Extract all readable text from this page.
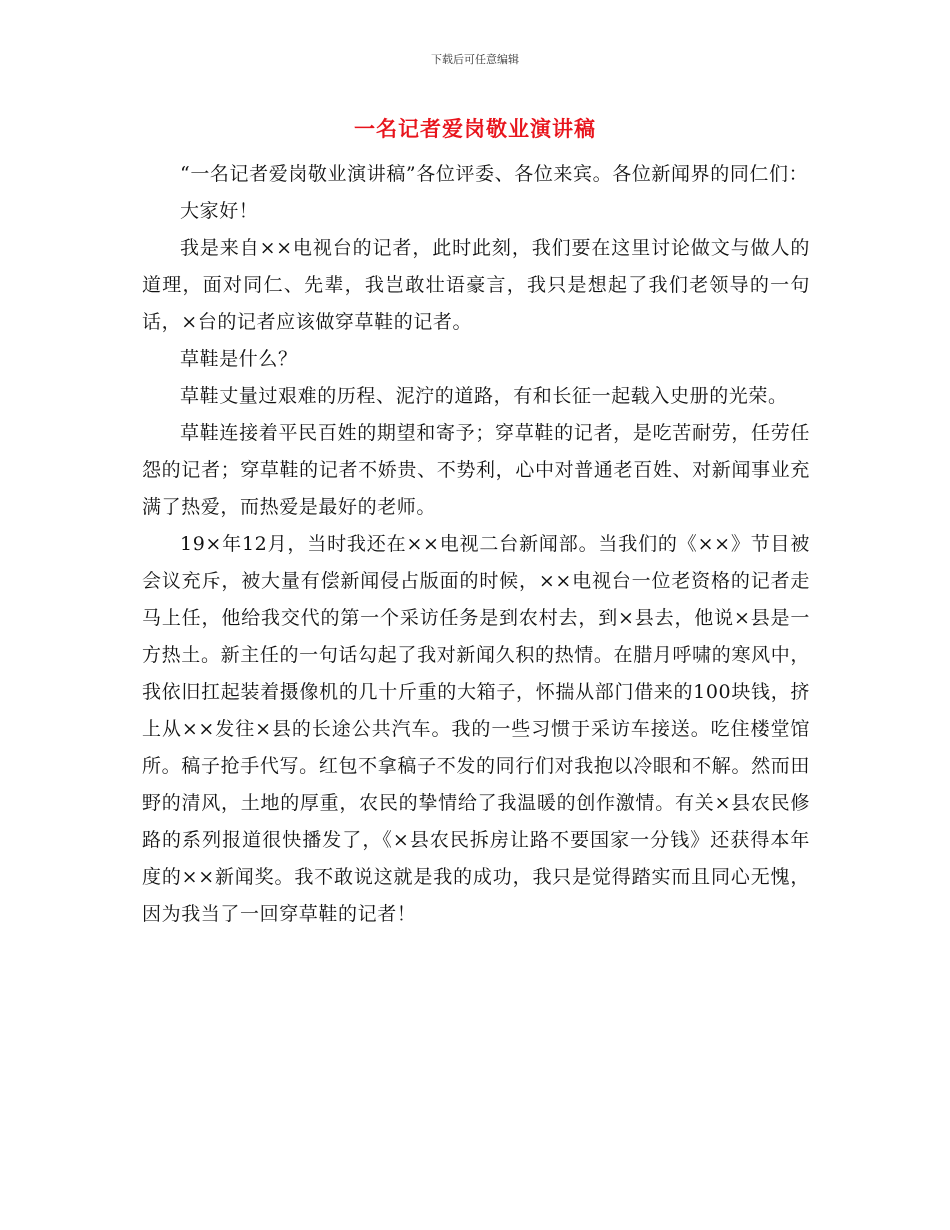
下载后可任意编辑
一名记者爱岗敬业演讲稿

“一名记者爱岗敬业演讲稿”各位评委、各位来宾。各位新闻界的同仁们：

大家好！

我是来自××电视台的记者，此时此刻，我们要在这里讨论做文与做人的道理，面对同仁、先辈，我岂敢壮语豪言，我只是想起了我们老领导的一句话，×台的记者应该做穿草鞋的记者。

草鞋是什么？

草鞋丈量过艰难的历程、泥泞的道路，有和长征一起载入史册的光荣。

草鞋连接着平民百姓的期望和寄予；穿草鞋的记者，是吃苦耐劳，任劳任怨的记者；穿草鞋的记者不娇贵、不势利，心中对普通老百姓、对新闻事业充满了热爱，而热爱是最好的老师。

19×年12月，当时我还在××电视二台新闻部。当我们的《××》节目被会议充斥，被大量有偿新闻侵占版面的时候，××电视台一位老资格的记者走马上任，他给我交代的第一个采访任务是到农村去，到×县去，他说×县是一方热土。新主任的一句话勾起了我对新闻久积的热情。在腊月呼啸的寒风中，我依旧扛起装着摄像机的几十斤重的大箱子，怀揣从部门借来的100块钱，挤上从××发往×县的长途公共汽车。我的一些习惯于采访车接送。吃住楼堂馆所。稿子抢手代写。红包不拿稿子不发的同行们对我抱以冷眼和不解。然而田野的清风，土地的厚重，农民的挚情给了我温暖的创作激情。有关×县农民修路的系列报道很快播发了，《×县农民拆房让路不要国家一分钱》还获得本年度的××新闻奖。我不敢说这就是我的成功，我只是觉得踏实而且同心无愧，因为我当了一回穿草鞋的记者！
